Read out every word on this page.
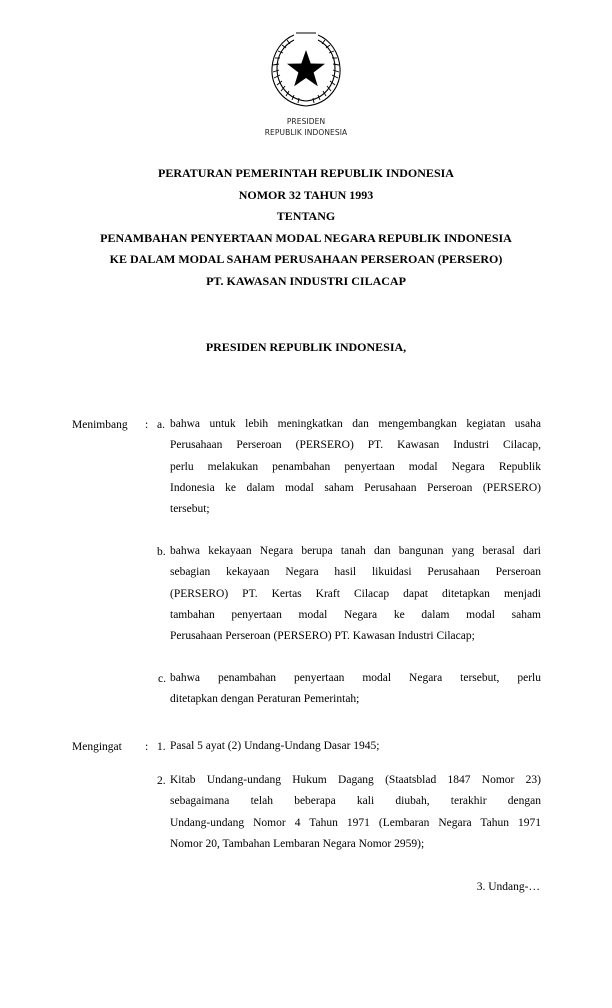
PRESIDEN
REPUBLIK INDONESIA
PERATURAN PEMERINTAH REPUBLIK INDONESIA
NOMOR 32 TAHUN 1993
TENTANG
PENAMBAHAN PENYERTAAN MODAL NEGARA REPUBLIK INDONESIA
KE DALAM MODAL SAHAM PERUSAHAAN PERSEROAN (PERSERO)
PT. KAWASAN INDUSTRI CILACAP
PRESIDEN REPUBLIK INDONESIA,
Menimbang : a. bahwa untuk lebih meningkatkan dan mengembangkan kegiatan usaha
Perusahaan Perseroan (PERSERO) PT. Kawasan Industri Cilacap,
perlu melakukan penambahan penyertaan modal Negara Republik
Indonesia ke dalam modal saham Perusahaan Perseroan (PERSERO)
tersebut;
b. bahwa kekayaan Negara berupa tanah dan bangunan yang berasal dari
sebagian kekayaan Negara hasil likuidasi Perusahaan Perseroan
(PERSERO) PT. Kertas Kraft Cilacap dapat ditetapkan menjadi
tambahan penyertaan modal Negara ke dalam modal saham
Perusahaan Perseroan (PERSERO) PT. Kawasan Industri Cilacap;
c. bahwa penambahan penyertaan modal Negara tersebut, perlu
ditetapkan dengan Peraturan Pemerintah;
Mengingat : 1. Pasal 5 ayat (2) Undang-Undang Dasar 1945;
2. Kitab Undang-undang Hukum Dagang (Staatsblad 1847 Nomor 23)
sebagaimana telah beberapa kali diubah, terakhir dengan
Undang-undang Nomor 4 Tahun 1971 (Lembaran Negara Tahun 1971
Nomor 20, Tambahan Lembaran Negara Nomor 2959);
3. Undang-…
